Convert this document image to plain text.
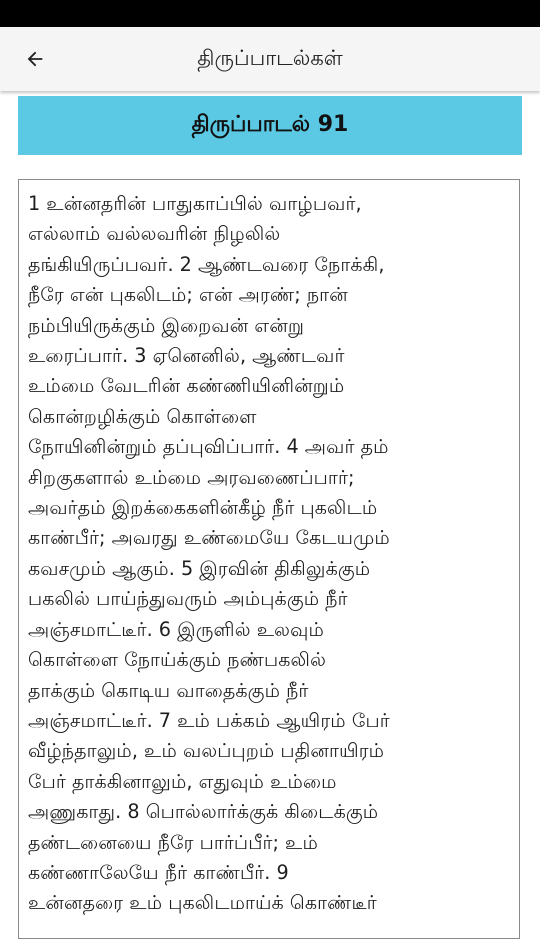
திருப்பாடல்கள்
திருப்பாடல் 91
1 உன்னதரின் பாதுகாப்பில் வாழ்பவர்,
எல்லாம் வல்லவரின் நிழலில்
தங்கியிருப்பவர். 2 ஆண்டவரை நோக்கி,
நீரே என் புகலிடம்; என் அரண்; நான்
நம்பியிருக்கும் இறைவன் என்று
உரைப்பார். 3 ஏனெனில், ஆண்டவர்
உம்மை வேடரின் கண்ணியினின்றும்
கொன்றழிக்கும் கொள்ளை
நோயினின்றும் தப்புவிப்பார். 4 அவர் தம்
சிறகுகளால் உம்மை அரவணைப்பார்;
அவர்தம் இறக்கைகளின்கீழ் நீர் புகலிடம்
காண்பீர்; அவரது உண்மையே கேடயமும்
கவசமும் ஆகும். 5 இரவின் திகிலுக்கும்
பகலில் பாய்ந்துவரும் அம்புக்கும் நீர்
அஞ்சமாட்டீர். 6 இருளில் உலவும்
கொள்ளை நோய்க்கும் நண்பகலில்
தாக்கும் கொடிய வாதைக்கும் நீர்
அஞ்சமாட்டீர். 7 உம் பக்கம் ஆயிரம் பேர்
வீழ்ந்தாலும், உம் வலப்புறம் பதினாயிரம்
பேர் தாக்கினாலும், எதுவும் உம்மை
அணுகாது. 8 பொல்லார்க்குக் கிடைக்கும்
தண்டனையை நீரே பார்ப்பீர்; உம்
கண்ணாலேயே நீர் காண்பீர். 9
உன்னதரை உம் புகலிடமாய்க் கொண்டீர்
